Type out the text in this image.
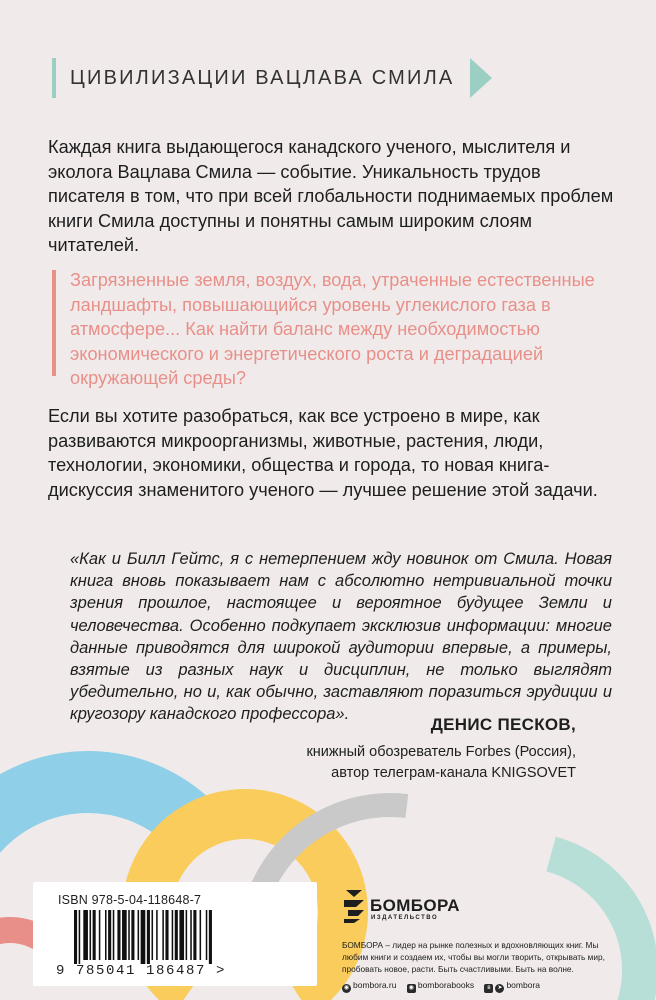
ЦИВИЛИЗАЦИИ ВАЦЛАВА СМИЛА

Каждая книга выдающегося канадского ученого, мыслителя и эколога Вацлава Смила — событие. Уникальность трудов писателя в том, что при всей глобальности поднимаемых проблем книги Смила доступны и понятны самым широким слоям читателей.

Загрязненные земля, воздух, вода, утраченные естественные ландшафты, повышающийся уровень углекислого газа в атмосфере... Как найти баланс между необходимостью экономического и энергетического роста и деградацией окружающей среды?

Если вы хотите разобраться, как все устроено в мире, как развиваются микроорганизмы, животные, растения, люди, технологии, экономики, общества и города, то новая книга-дискуссия знаменитого ученого — лучшее решение этой задачи.

«Как и Билл Гейтс, я с нетерпением жду новинок от Смила. Новая книга вновь показывает нам с абсолютно нетривиальной точки зрения прошлое, настоящее и вероятное будущее Земли и человечества. Особенно подкупает эксклюзив информации: многие данные приводятся для широкой аудитории впервые, а примеры, взятые из разных наук и дисциплин, не только выглядят убедительно, но и, как обычно, заставляют поразиться эрудиции и кругозору канадского профессора».

ДЕНИС ПЕСКОВ,

книжный обозреватель Forbes (Россия),
автор телеграм-канала KNIGSOVET

ISBN 978-5-04-118648-7
9 785041 186487 >
БОМБОРА
ИЗДАТЕЛЬСТВО

БОМБОРА – лидер на рынке полезных и вдохновляющих книг. Мы любим книги и создаем их, чтобы вы могли творить, открывать мир, пробовать новое, расти. Быть счастливыми. Быть на волне.

◉ bombora.ru ◉ bomborabooks в ➤ bombora
